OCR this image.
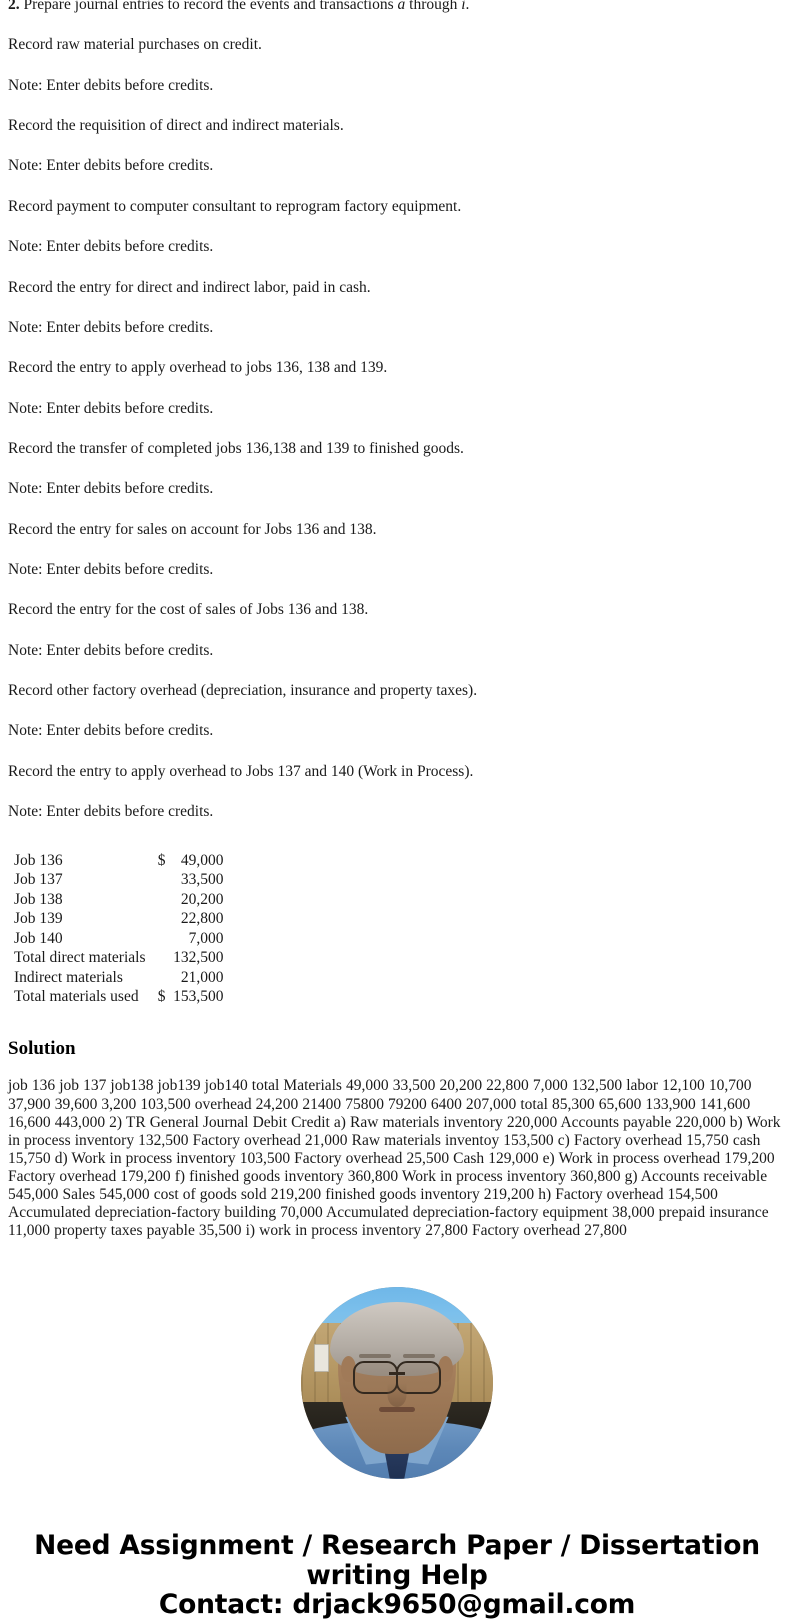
2. Prepare journal entries to record the events and transactions a through i.

Record raw material purchases on credit.

Note: Enter debits before credits.

Record the requisition of direct and indirect materials.

Note: Enter debits before credits.

Record payment to computer consultant to reprogram factory equipment.

Note: Enter debits before credits.

Record the entry for direct and indirect labor, paid in cash.

Note: Enter debits before credits.

Record the entry to apply overhead to jobs 136, 138 and 139.

Note: Enter debits before credits.

Record the transfer of completed jobs 136,138 and 139 to finished goods.

Note: Enter debits before credits.

Record the entry for sales on account for Jobs 136 and 138.

Note: Enter debits before credits.

Record the entry for the cost of sales of Jobs 136 and 138.

Note: Enter debits before credits.

Record other factory overhead (depreciation, insurance and property taxes).

Note: Enter debits before credits.

Record the entry to apply overhead to Jobs 137 and 140 (Work in Process).

Note: Enter debits before credits.

Job 136	$	49,000
Job 137		33,500
Job 138		20,200
Job 139		22,800
Job 140		7,000
Total direct materials		132,500
Indirect materials		21,000
Total materials used	$	153,500
Solution

job 136 job 137 job138 job139 job140 total Materials 49,000 33,500 20,200 22,800 7,000 132,500 labor 12,100 10,700 37,900 39,600 3,200 103,500 overhead 24,200 21400 75800 79200 6400 207,000 total 85,300 65,600 133,900 141,600 16,600 443,000 2) TR General Journal Debit Credit a) Raw materials inventory 220,000 Accounts payable 220,000 b) Work in process inventory 132,500 Factory overhead 21,000 Raw materials inventoy 153,500 c) Factory overhead 15,750 cash 15,750 d) Work in process inventory 103,500 Factory overhead 25,500 Cash 129,000 e) Work in process overhead 179,200 Factory overhead 179,200 f) finished goods inventory 360,800 Work in process inventory 360,800 g) Accounts receivable 545,000 Sales 545,000 cost of goods sold 219,200 finished goods inventory 219,200 h) Factory overhead 154,500 Accumulated depreciation-factory building 70,000 Accumulated depreciation-factory equipment 38,000 prepaid insurance 11,000 property taxes payable 35,500 i) work in process inventory 27,800 Factory overhead 27,800

Need Assignment / Research Paper / Dissertation
writing Help
Contact: drjack9650@gmail.com
